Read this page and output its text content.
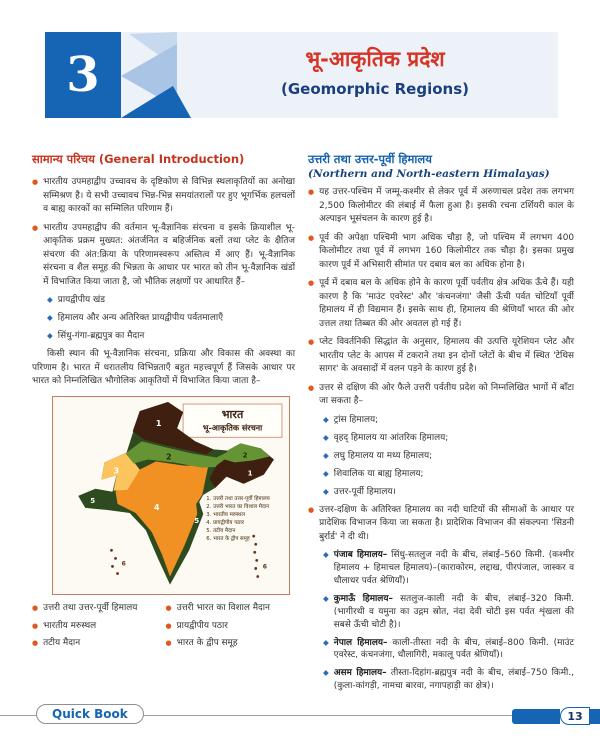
3	भू-आकृतिक प्रदेश
(Geomorphic Regions)
सामान्य परिचय (General Introduction)
● भारतीय उपमहाद्वीप उच्चावच के दृष्टिकोण से विभिन्न स्थलाकृतियों का अनोखा सम्मिश्रण है। ये सभी उच्चावच भिन्न-भिन्न समयांतरालों पर हुए भूगर्भिक हलचलों व बाह्य कारकों का सम्मिलित परिणाम हैं।
● भारतीय उपमहाद्वीप की वर्तमान भू-वैज्ञानिक संरचना व इसके क्रियाशील भू-आकृतिक प्रक्रम मुख्यत: अंतर्जनित व बहिर्जनिक बलों तथा प्लेट के क्षैतिज संचरण की अंत:क्रिया के परिणामस्वरूप अस्तित्व में आए हैं। भू-वैज्ञानिक संरचना व शैल समूह की भिन्नता के आधार पर भारत को तीन भू-वैज्ञानिक खंडों में विभाजित किया जाता है, जो भौतिक लक्षणों पर आधारित हैं–
◆ प्रायद्वीपीय खंड
◆ हिमालय और अन्य अतिरिक्त प्रायद्वीपीय पर्वतमालाएँ
◆ सिंधु-गंगा-ब्रह्मपुत्र का मैदान
किसी स्थान की भू-वैज्ञानिक संरचना, प्रक्रिया और विकास की अवस्था का परिणाम है। भारत में धरातलीय विभिन्नताएँ बहुत महत्त्वपूर्ण हैं जिसके आधार पर भारत को निम्नलिखित भौगोलिक आकृतियों में विभाजित किया जाता है–
भारत
भू-आकृतिक संरचना
1
2	2
1
3
4
5
5
6	6
1. उत्तरी तथा उत्तर-पूर्वी हिमालय
2. उत्तरी भारत का विशाल मैदान
3. भारतीय मरुस्थल
4. प्रायद्वीपीय पठार
5. तटीय मैदान
6. भारत के द्वीप समूह
● उत्तरी तथा उत्तर-पूर्वी हिमालय	● उत्तरी भारत का विशाल मैदान
● भारतीय मरुस्थल	● प्रायद्वीपीय पठार
● तटीय मैदान	● भारत के द्वीप समूह
उत्तरी तथा उत्तर-पूर्वी हिमालय
(Northern and North-eastern Himalayas)
● यह उत्तर-पश्चिम में जम्मू-कश्मीर से लेकर पूर्व में अरुणाचल प्रदेश तक लगभग 2,500 किलोमीटर की लंबाई में फैला हुआ है। इसकी रचना टर्शियरी काल के अल्पाइन भूसंचलन के कारण हुई है।
● पूर्व की अपेक्षा पश्चिमी भाग अधिक चौड़ा है, जो पश्चिम में लगभग 400 किलोमीटर तथा पूर्व में लगभग 160 किलोमीटर तक चौड़ा है। इसका प्रमुख कारण पूर्व में अभिसारी सीमांत पर दबाव बल का अधिक होना है।
● पूर्व में दबाव बल के अधिक होने के कारण पूर्वी पर्वतीय क्षेत्र अधिक ऊँचे हैं। यही कारण है कि 'माउंट एवरेस्ट' और 'कंचनजंगा' जैसी ऊँची पर्वत चोटियाँ पूर्वी हिमालय में ही विद्यमान हैं। इसके साथ ही, हिमालय की श्रेणियाँ भारत की ओर उत्तल तथा तिब्बत की ओर अवतल हो गई हैं।
● प्लेट विवर्तनिकी सिद्धांत के अनुसार, हिमालय की उत्पत्ति यूरेशियन प्लेट और भारतीय प्लेट के आपस में टकराने तथा इन दोनों प्लेटों के बीच में स्थित 'टेथिस सागर' के अवसादों में वलन पड़ने के कारण हुई है।
● उत्तर से दक्षिण की ओर फैले उत्तरी पर्वतीय प्रदेश को निम्नलिखित भागों में बाँटा जा सकता है–
◆ ट्रांस हिमालय;
◆ वृहद् हिमालय या आंतरिक हिमालय;
◆ लघु हिमालय या मध्य हिमालय;
◆ शिवालिक या बाह्य हिमालय;
◆ उत्तर-पूर्वी हिमालय।
● उत्तर-दक्षिण के अतिरिक्त हिमालय का नदी घाटियों की सीमाओं के आधार पर प्रादेशिक विभाजन किया जा सकता है। प्रादेशिक विभाजन की संकल्पना 'सिडनी बुर्रार्ड' ने दी थी।
◆ पंजाब हिमालय– सिंधु-सतलुज नदी के बीच, लंबाई–560 किमी. (कश्मीर हिमालय + हिमाचल हिमालय)–(काराकोरम, लद्दाख, पीरपंजाल, जास्कर व धौलाधर पर्वत श्रेणियाँ)।
◆ कुमाऊँ हिमालय– सतलुज-काली नदी के बीच, लंबाई–320 किमी. (भागीरथी व यमुना का उद्गम स्रोत, नंदा देवी चोटी इस पर्वत शृंखला की सबसे ऊँची चोटी है)।
◆ नेपाल हिमालय– काली-तीस्ता नदी के बीच, लंबाई–800 किमी. (माउंट एवरेस्ट, कंचनजंगा, धौलागिरी, मकालू पर्वत श्रेणियाँ)।
◆ असम हिमालय– तीस्ता-दिहांग-ब्रह्मपुत्र नदी के बीच, लंबाई–750 किमी., (कुला-कांगड़ी, नामचा बारवा, नगापहाड़ी का क्षेत्र)।
Quick Book	13
